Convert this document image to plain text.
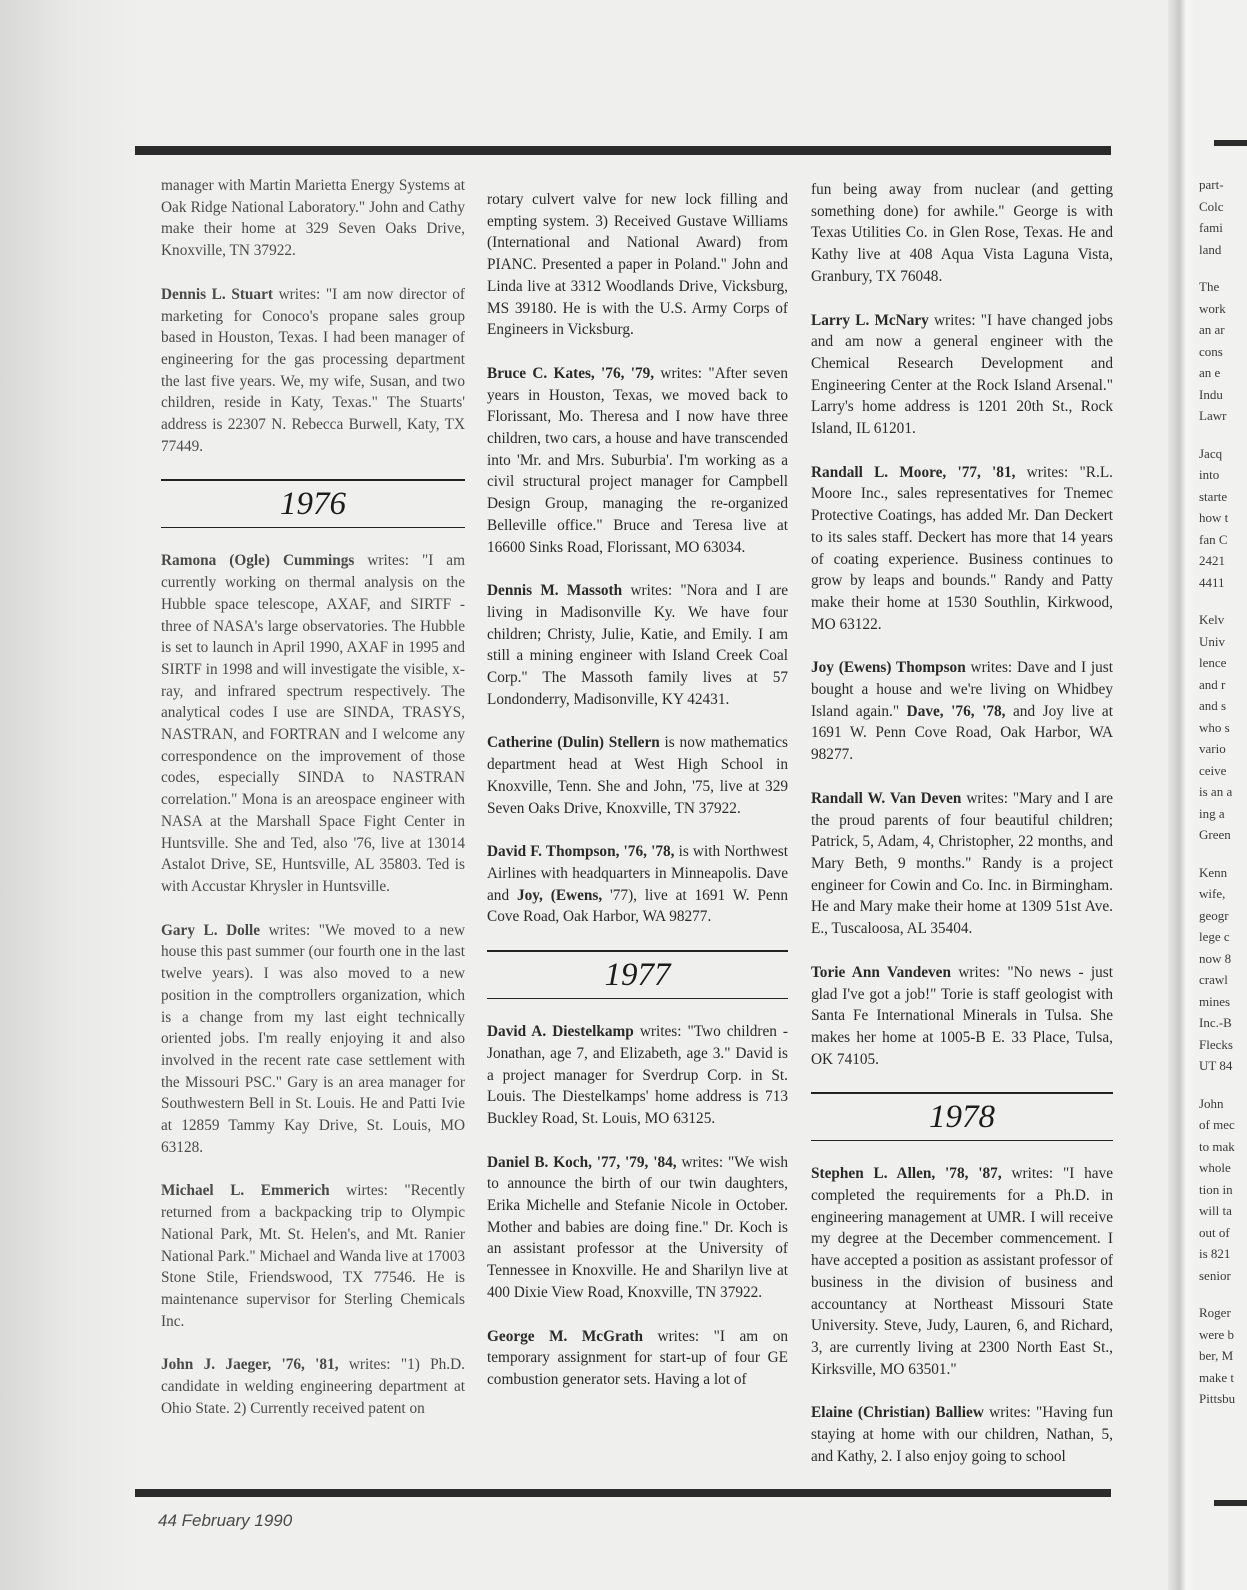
manager with Martin Marietta Energy Systems at Oak Ridge National Laboratory." John and Cathy make their home at 329 Seven Oaks Drive, Knoxville, TN 37922.

Dennis L. Stuart writes: "I am now director of marketing for Conoco's propane sales group based in Houston, Texas. I had been manager of engineering for the gas processing department the last five years. We, my wife, Susan, and two children, reside in Katy, Texas." The Stuarts' address is 22307 N. Rebecca Burwell, Katy, TX 77449.

1976

Ramona (Ogle) Cummings writes: "I am currently working on thermal analysis on the Hubble space telescope, AXAF, and SIRTF - three of NASA's large observatories. The Hubble is set to launch in April 1990, AXAF in 1995 and SIRTF in 1998 and will investigate the visible, x-ray, and infrared spectrum respectively. The analytical codes I use are SINDA, TRASYS, NASTRAN, and FORTRAN and I welcome any correspondence on the improvement of those codes, especially SINDA to NASTRAN correlation." Mona is an areospace engineer with NASA at the Marshall Space Fight Center in Huntsville. She and Ted, also '76, live at 13014 Astalot Drive, SE, Huntsville, AL 35803. Ted is with Accustar Khrysler in Huntsville.

Gary L. Dolle writes: "We moved to a new house this past summer (our fourth one in the last twelve years). I was also moved to a new position in the comptrollers organization, which is a change from my last eight technically oriented jobs. I'm really enjoying it and also involved in the recent rate case settlement with the Missouri PSC." Gary is an area manager for Southwestern Bell in St. Louis. He and Patti Ivie at 12859 Tammy Kay Drive, St. Louis, MO 63128.

Michael L. Emmerich wirtes: "Recently returned from a backpacking trip to Olympic National Park, Mt. St. Helen's, and Mt. Ranier National Park." Michael and Wanda live at 17003 Stone Stile, Friendswood, TX 77546. He is maintenance supervisor for Sterling Chemicals Inc.

John J. Jaeger, '76, '81, writes: "1) Ph.D. candidate in welding engineering department at Ohio State. 2) Currently received patent on

rotary culvert valve for new lock filling and empting system. 3) Received Gustave Williams (International and National Award) from PIANC. Presented a paper in Poland." John and Linda live at 3312 Woodlands Drive, Vicksburg, MS 39180. He is with the U.S. Army Corps of Engineers in Vicksburg.

Bruce C. Kates, '76, '79, writes: "After seven years in Houston, Texas, we moved back to Florissant, Mo. Theresa and I now have three children, two cars, a house and have transcended into 'Mr. and Mrs. Suburbia'. I'm working as a civil structural project manager for Campbell Design Group, managing the re-organized Belleville office." Bruce and Teresa live at 16600 Sinks Road, Florissant, MO 63034.

Dennis M. Massoth writes: "Nora and I are living in Madisonville Ky. We have four children; Christy, Julie, Katie, and Emily. I am still a mining engineer with Island Creek Coal Corp." The Massoth family lives at 57 Londonderry, Madisonville, KY 42431.

Catherine (Dulin) Stellern is now mathematics department head at West High School in Knoxville, Tenn. She and John, '75, live at 329 Seven Oaks Drive, Knoxville, TN 37922.

David F. Thompson, '76, '78, is with Northwest Airlines with headquarters in Minneapolis. Dave and Joy, (Ewens, '77), live at 1691 W. Penn Cove Road, Oak Harbor, WA 98277.

1977

David A. Diestelkamp writes: "Two children - Jonathan, age 7, and Elizabeth, age 3." David is a project manager for Sverdrup Corp. in St. Louis. The Diestelkamps' home address is 713 Buckley Road, St. Louis, MO 63125.

Daniel B. Koch, '77, '79, '84, writes: "We wish to announce the birth of our twin daughters, Erika Michelle and Stefanie Nicole in October. Mother and babies are doing fine." Dr. Koch is an assistant professor at the University of Tennessee in Knoxville. He and Sharilyn live at 400 Dixie View Road, Knoxville, TN 37922.

George M. McGrath writes: "I am on temporary assignment for start-up of four GE combustion generator sets. Having a lot of

fun being away from nuclear (and getting something done) for awhile." George is with Texas Utilities Co. in Glen Rose, Texas. He and Kathy live at 408 Aqua Vista Laguna Vista, Granbury, TX 76048.

Larry L. McNary writes: "I have changed jobs and am now a general engineer with the Chemical Research Development and Engineering Center at the Rock Island Arsenal." Larry's home address is 1201 20th St., Rock Island, IL 61201.

Randall L. Moore, '77, '81, writes: "R.L. Moore Inc., sales representatives for Tnemec Protective Coatings, has added Mr. Dan Deckert to its sales staff. Deckert has more that 14 years of coating experience. Business continues to grow by leaps and bounds." Randy and Patty make their home at 1530 Southlin, Kirkwood, MO 63122.

Joy (Ewens) Thompson writes: Dave and I just bought a house and we're living on Whidbey Island again." Dave, '76, '78, and Joy live at 1691 W. Penn Cove Road, Oak Harbor, WA 98277.

Randall W. Van Deven writes: "Mary and I are the proud parents of four beautiful children; Patrick, 5, Adam, 4, Christopher, 22 months, and Mary Beth, 9 months." Randy is a project engineer for Cowin and Co. Inc. in Birmingham. He and Mary make their home at 1309 51st Ave. E., Tuscaloosa, AL 35404.

Torie Ann Vandeven writes: "No news - just glad I've got a job!" Torie is staff geologist with Santa Fe International Minerals in Tulsa. She makes her home at 1005-B E. 33 Place, Tulsa, OK 74105.

1978

Stephen L. Allen, '78, '87, writes: "I have completed the requirements for a Ph.D. in engineering management at UMR. I will receive my degree at the December commencement. I have accepted a position as assistant professor of business in the division of business and accountancy at Northeast Missouri State University. Steve, Judy, Lauren, 6, and Richard, 3, are currently living at 2300 North East St., Kirksville, MO 63501."

Elaine (Christian) Balliew writes: "Having fun staying at home with our children, Nathan, 5, and Kathy, 2. I also enjoy going to school

44 February 1990
part-
Colc
fami
land
The
work
an ar
cons
an e
Indu
Lawr
Jacq
into
starte
how t
fan C
2421
4411
Kelv
Univ
lence
and r
and s
who s
vario
ceive
is an a
ing a
Green
Kenn
wife,
geogr
lege c
now 8
crawl
mines
Inc.-B
Flecks
UT 84
John
of mec
to mak
whole
tion in
will ta
out of
is 821
senior
Roger
were b
ber, M
make t
Pittsbu
